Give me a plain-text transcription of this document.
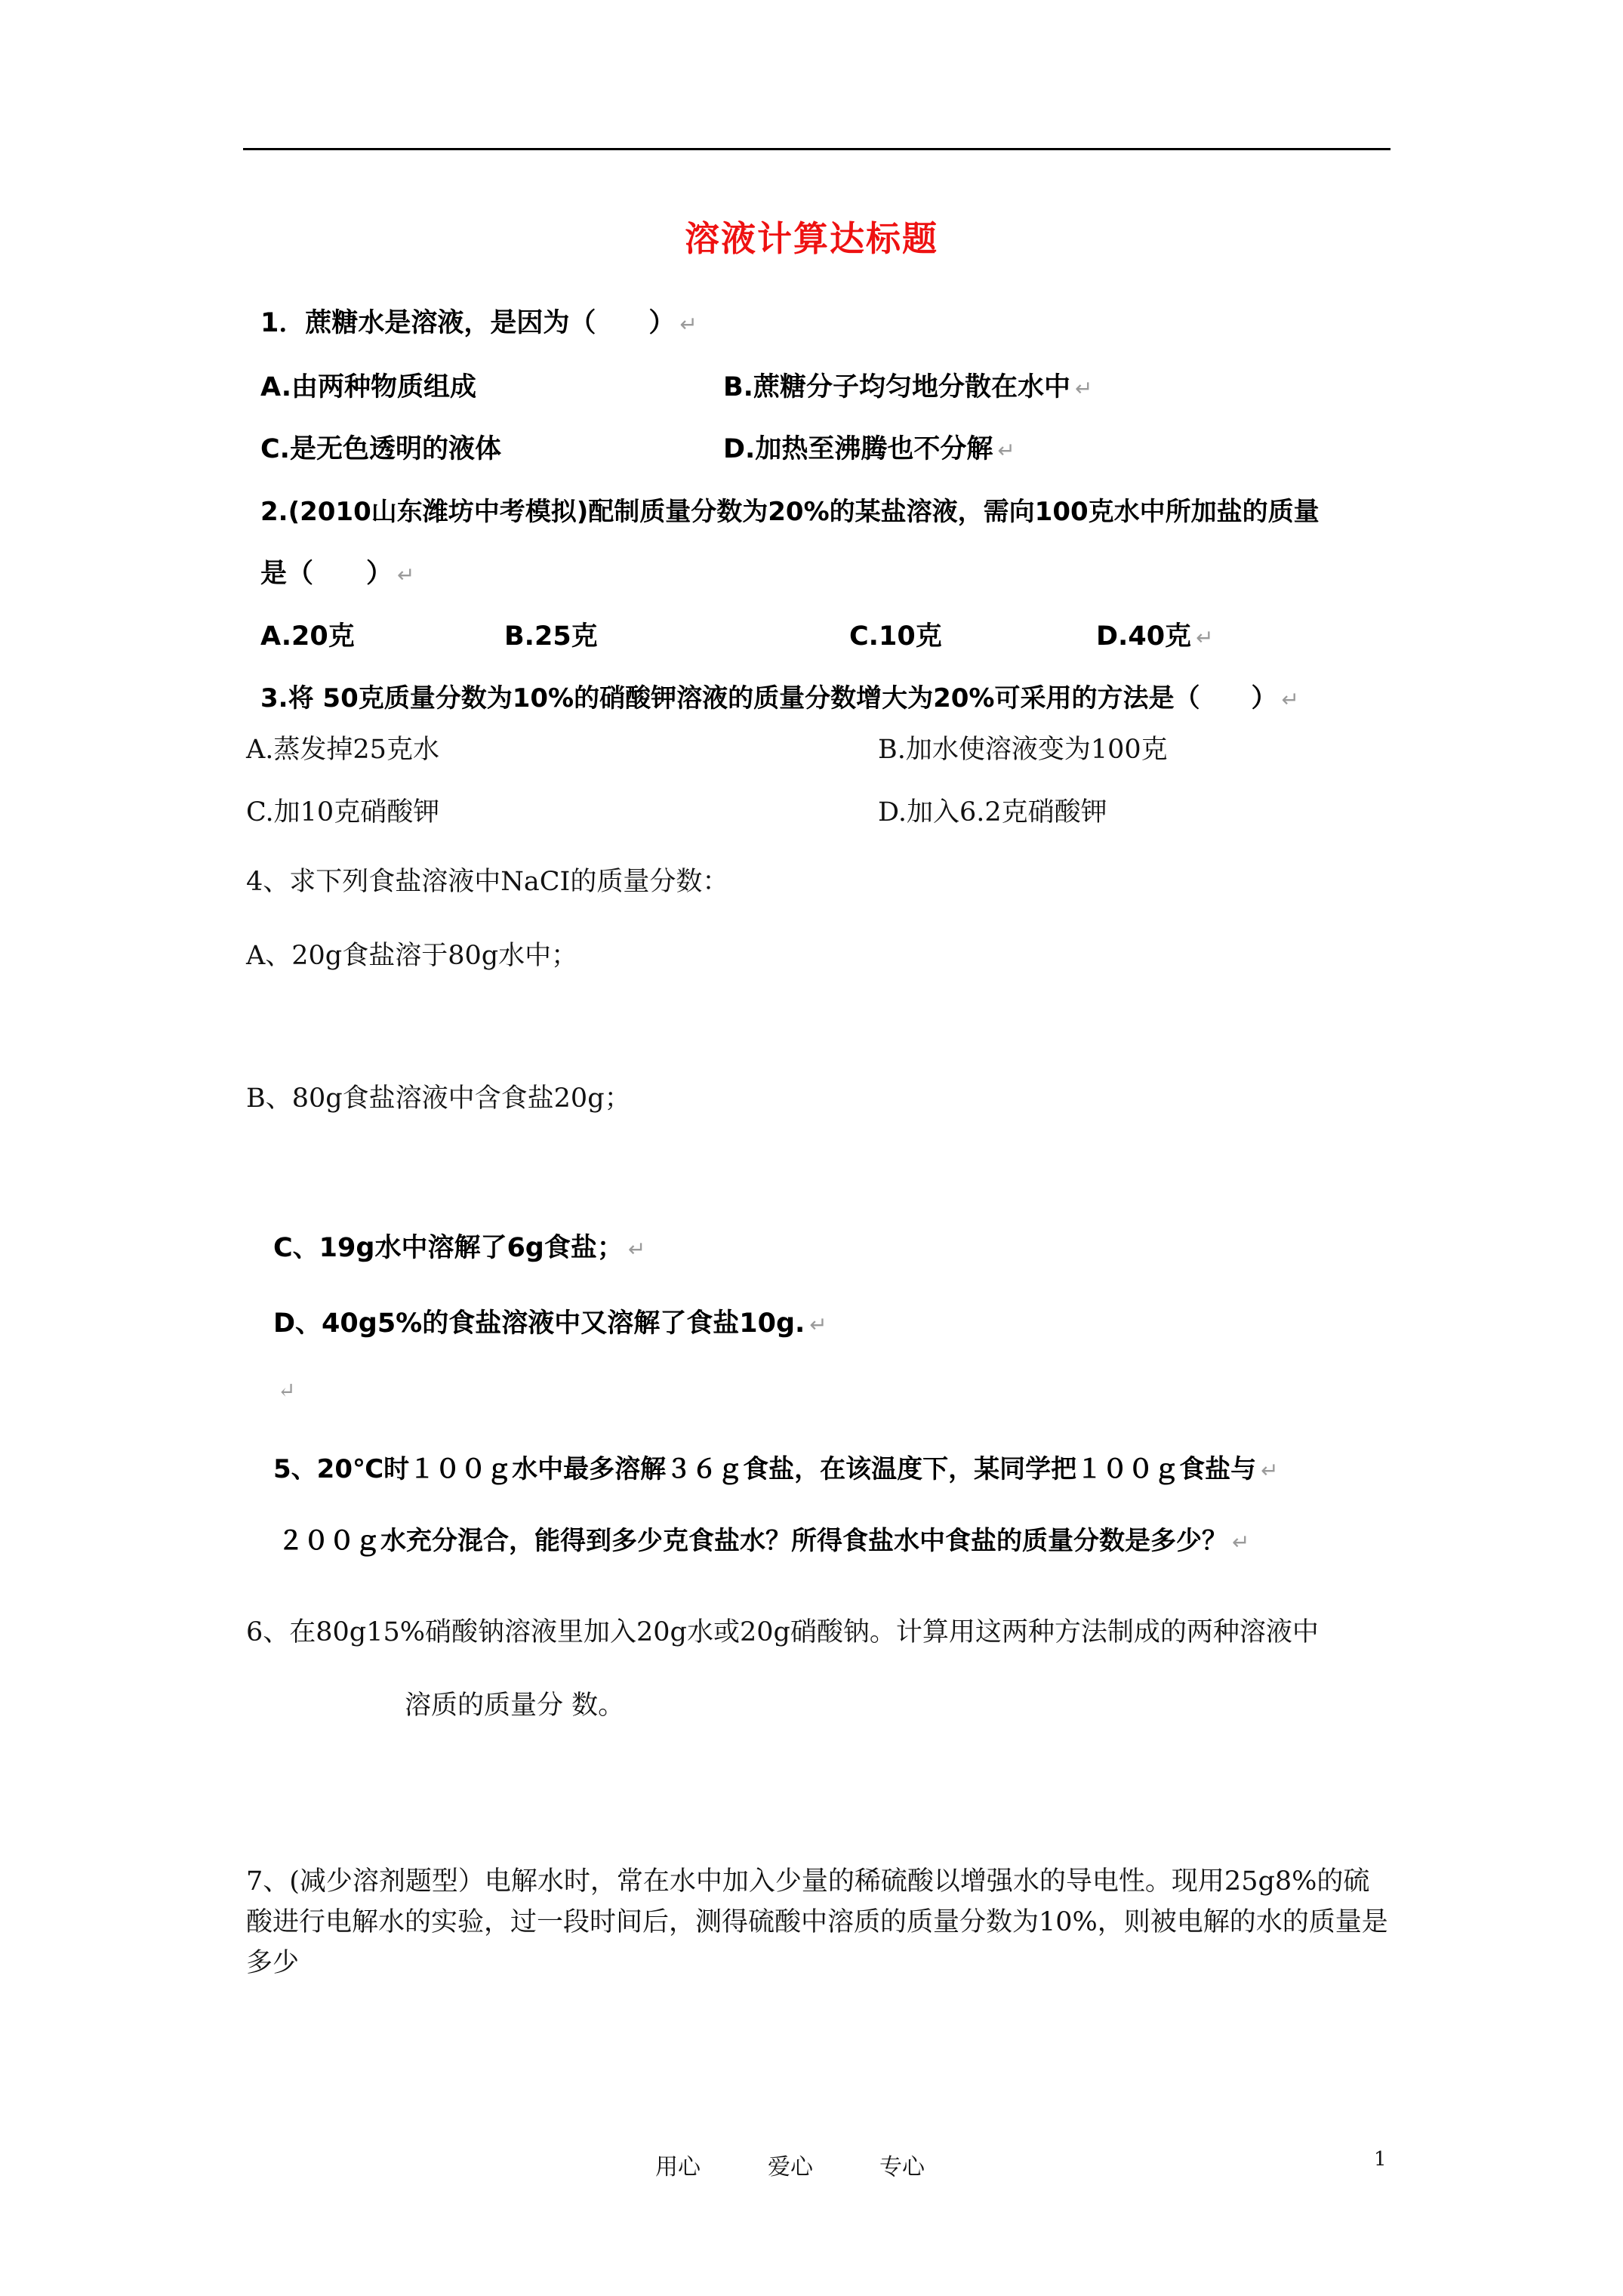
溶液计算达标题
1．蔗糖水是溶液，是因为（　　） ↵
A.由两种物质组成	B.蔗糖分子均匀地分散在水中 ↵
C.是无色透明的液体	D.加热至沸腾也不分解 ↵
2.(2010山东潍坊中考模拟)配制质量分数为20%的某盐溶液，需向100克水中所加盐的质量
是（　　） ↵
A.20克	B.25克	C.10克	D.40克 ↵
3.将 50克质量分数为10%的硝酸钾溶液的质量分数增大为20%可采用的方法是（　　） ↵
A.蒸发掉25克水	B.加水使溶液变为100克
C.加10克硝酸钾	D.加入6.2克硝酸钾
4、求下列食盐溶液中NaCI的质量分数：
A、20g食盐溶于80g水中；
B、80g食盐溶液中含食盐20g；
C、19g水中溶解了6g食盐； ↵
D、40g5%的食盐溶液中又溶解了食盐10g. ↵
↵
5、20℃时１００ｇ水中最多溶解３６ｇ食盐，在该温度下，某同学把１００ｇ食盐与 ↵
２００ｇ水充分混合，能得到多少克食盐水？所得食盐水中食盐的质量分数是多少？ ↵
6、在80g15%硝酸钠溶液里加入20g水或20g硝酸钠。计算用这两种方法制成的两种溶液中
溶质的质量分 数。
7、(减少溶剂题型）电解水时，常在水中加入少量的稀硫酸以增强水的导电性。现用25g8%的硫酸进行电解水的实验，过一段时间后，测得硫酸中溶质的质量分数为10%，则被电解的水的质量是多少
用心	爱心	专心	1
